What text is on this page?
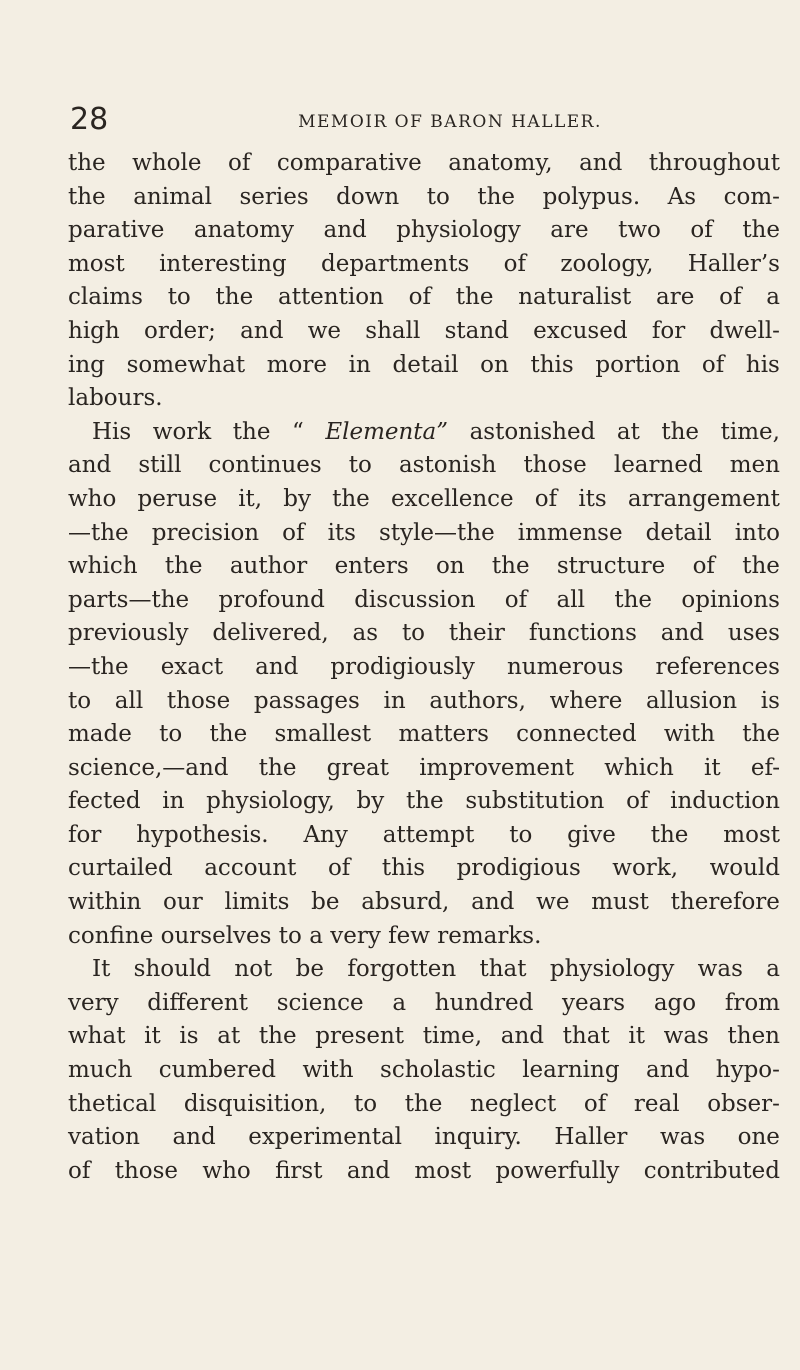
28	MEMOIR OF BARON HALLER.
the whole of comparative anatomy, and throughout
the animal series down to the polypus. As com-
parative anatomy and physiology are two of the
most interesting departments of zoology, Haller’s
claims to the attention of the naturalist are of a
high order; and we shall stand excused for dwell-
ing somewhat more in detail on this portion of his
labours.
His work the “ Elementa” astonished at the time,
and still continues to astonish those learned men
who peruse it, by the excellence of its arrangement
—the precision of its style—the immense detail into
which the author enters on the structure of the
parts—the profound discussion of all the opinions
previously delivered, as to their functions and uses
—the exact and prodigiously numerous references
to all those passages in authors, where allusion is
made to the smallest matters connected with the
science,—and the great improvement which it ef-
fected in physiology, by the substitution of induction
for hypothesis. Any attempt to give the most
curtailed account of this prodigious work, would
within our limits be absurd, and we must therefore
confine
ourselves
to
a
very
few
remarks.
It should not be forgotten that physiology was a
very different science a hundred years ago from
what it is at the present time, and that it was then
much cumbered with scholastic learning and hypo-
thetical disquisition, to the neglect of real obser-
vation and experimental inquiry. Haller was one
of those who first and most powerfully contributed
